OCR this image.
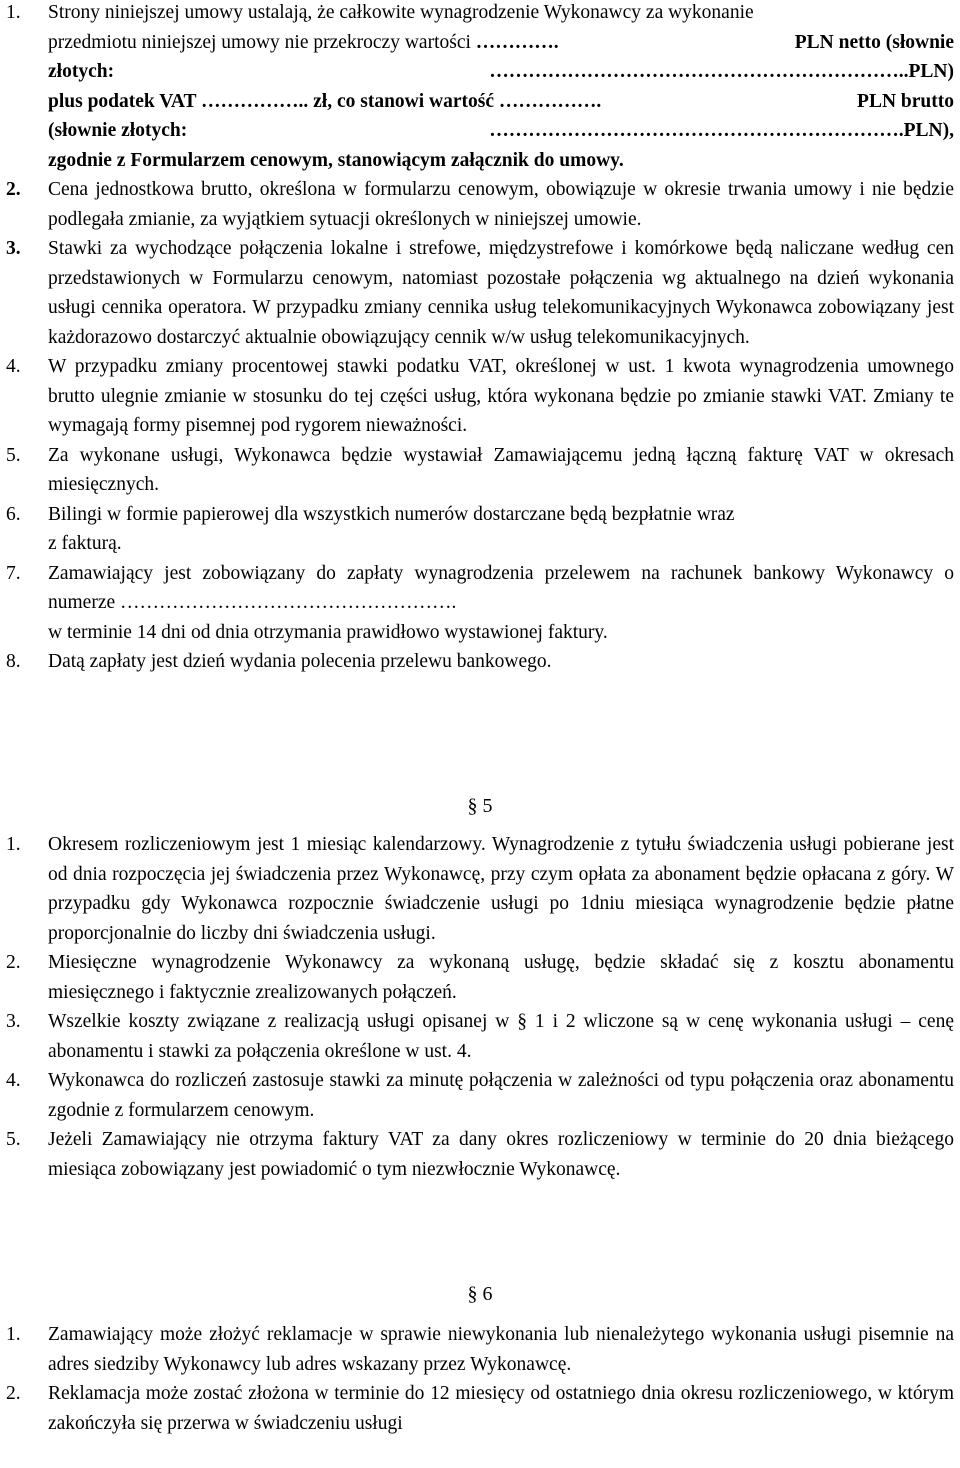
1.	Strony niniejszej umowy ustalają, że całkowite wynagrodzenie Wykonawcy za wykonanie

przedmiotu niniejszej umowy nie przekroczy wartości ………….	PLN netto (słownie

złotych:	……………………………………………………….. PLN)

plus podatek VAT …………….. zł, co stanowi wartość …………….	PLN brutto

(słownie złotych:	………………………………………………………. PLN),

zgodnie z Formularzem cenowym, stanowiącym załącznik do umowy.

2.	Cena jednostkowa brutto, określona w formularzu cenowym, obowiązuje w okresie trwania umowy i nie będzie podlegała zmianie, za wyjątkiem sytuacji określonych w niniejszej umowie.

3.	Stawki za wychodzące połączenia lokalne i strefowe, międzystrefowe i komórkowe będą naliczane według cen przedstawionych w Formularzu cenowym, natomiast pozostałe połączenia wg aktualnego na dzień wykonania usługi cennika operatora. W przypadku zmiany cennika usług telekomunikacyjnych Wykonawca zobowiązany jest każdorazowo dostarczyć aktualnie obowiązujący cennik w/w usług telekomunikacyjnych.

4.	W przypadku zmiany procentowej stawki podatku VAT, określonej w ust. 1 kwota wynagrodzenia umownego brutto ulegnie zmianie w stosunku do tej części usług, która wykonana będzie po zmianie stawki VAT. Zmiany te wymagają formy pisemnej pod rygorem nieważności.

5.	Za wykonane usługi, Wykonawca będzie wystawiał Zamawiającemu jedną łączną fakturę VAT w okresach miesięcznych.

6.	Bilingi w formie papierowej dla wszystkich numerów dostarczane będą bezpłatnie wraz

z fakturą.

7.	Zamawiający jest zobowiązany do zapłaty wynagrodzenia przelewem na rachunek bankowy Wykonawcy o numerze …………………………………………….

w terminie 14 dni od dnia otrzymania prawidłowo wystawionej faktury.

8.	Datą zapłaty jest dzień wydania polecenia przelewu bankowego.

§ 5

1.	Okresem rozliczeniowym jest 1 miesiąc kalendarzowy. Wynagrodzenie z tytułu świadczenia usługi pobierane jest od dnia rozpoczęcia jej świadczenia przez Wykonawcę, przy czym opłata za abonament będzie opłacana z góry. W przypadku gdy Wykonawca rozpocznie świadczenie usługi po 1dniu miesiąca wynagrodzenie będzie płatne proporcjonalnie do liczby dni świadczenia usługi.

2.	Miesięczne wynagrodzenie Wykonawcy za wykonaną usługę, będzie składać się z kosztu abonamentu miesięcznego i faktycznie zrealizowanych połączeń.

3.	Wszelkie koszty związane z realizacją usługi opisanej w § 1 i 2 wliczone są w cenę wykonania usługi – cenę abonamentu i stawki za połączenia określone w ust. 4.

4.	Wykonawca do rozliczeń zastosuje stawki za minutę połączenia w zależności od typu połączenia oraz abonamentu zgodnie z formularzem cenowym.

5.	Jeżeli Zamawiający nie otrzyma faktury VAT za dany okres rozliczeniowy w terminie do 20 dnia bieżącego miesiąca zobowiązany jest powiadomić o tym niezwłocznie Wykonawcę.

§ 6

1.	Zamawiający może złożyć reklamacje w sprawie niewykonania lub nienależytego wykonania usługi pisemnie na adres siedziby Wykonawcy lub adres wskazany przez Wykonawcę.

2.	Reklamacja może zostać złożona w terminie do 12 miesięcy od ostatniego dnia okresu rozliczeniowego, w którym zakończyła się przerwa w świadczeniu usługi
